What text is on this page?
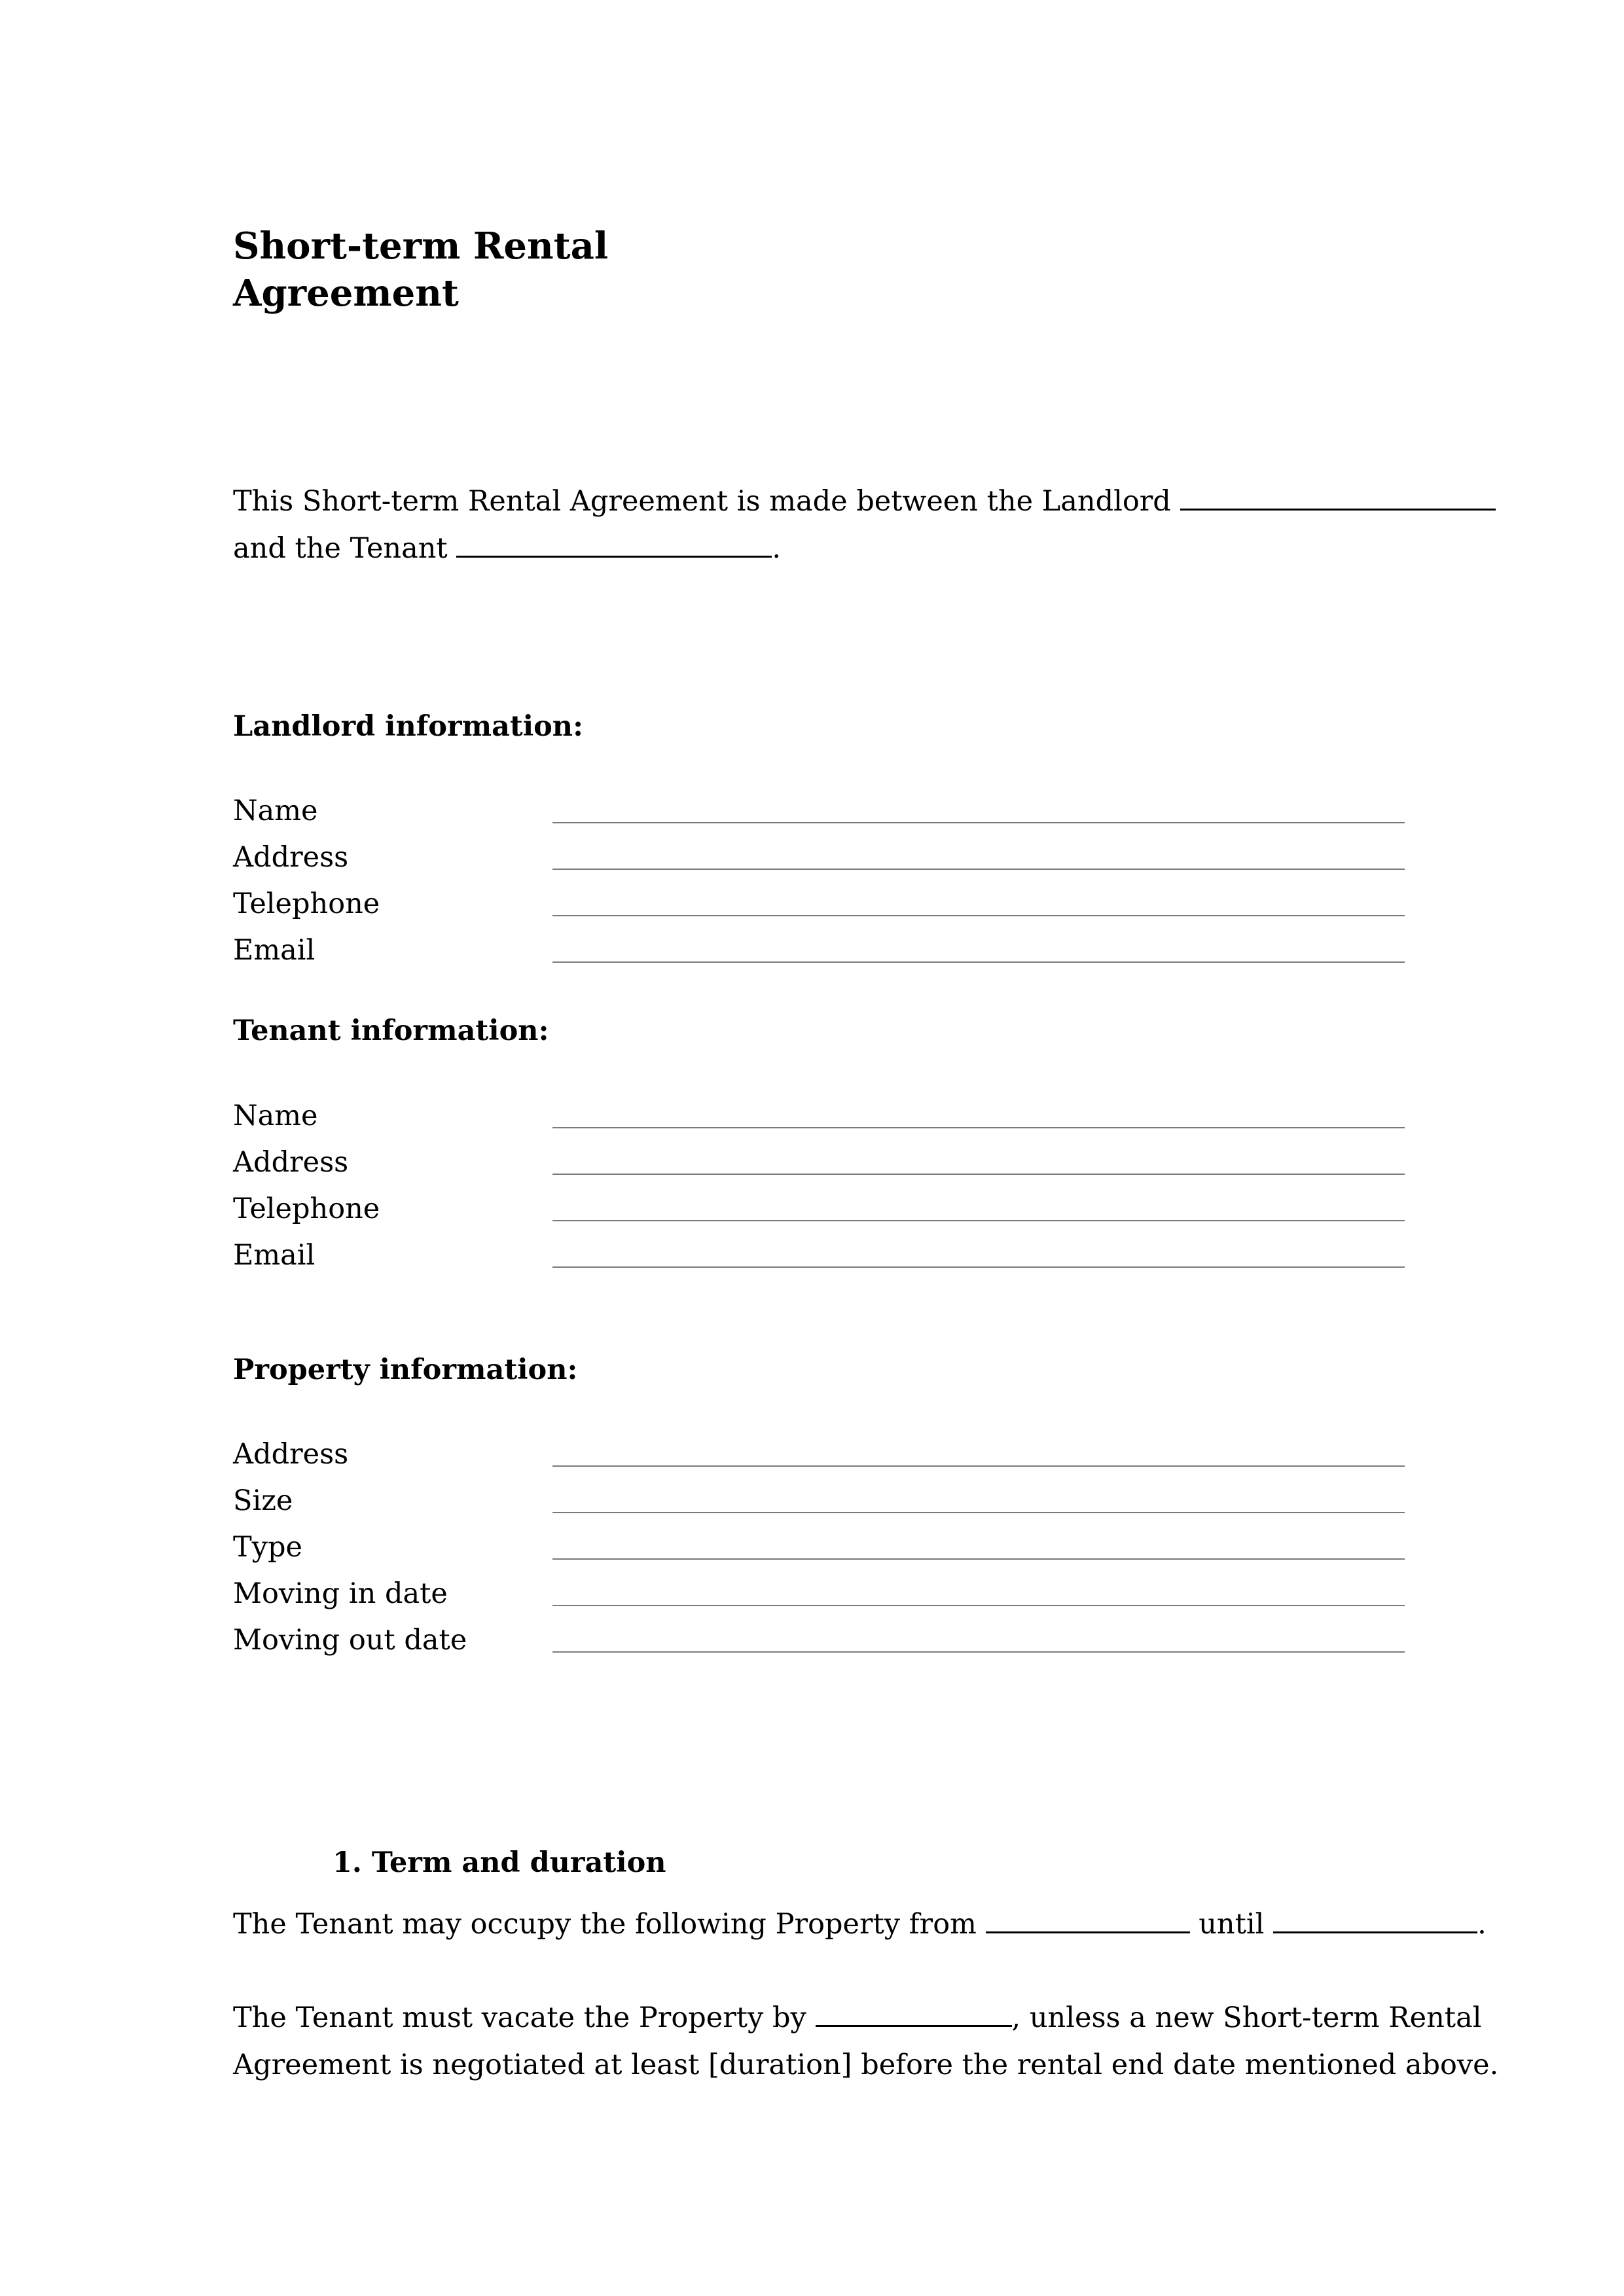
Short-term Rental
Agreement

This Short-term Rental Agreement is made between the Landlord

and the Tenant	.

Landlord information:
Name
Address
Telephone
Email
Tenant information:
Name
Address
Telephone
Email
Property information:
Address
Size
Type
Moving in date
Moving out date
1. Term and duration

The Tenant may occupy the following Property from	until	.

The Tenant must vacate the Property by	, unless a new Short-term Rental

Agreement is negotiated at least [duration] before the rental end date mentioned above.
